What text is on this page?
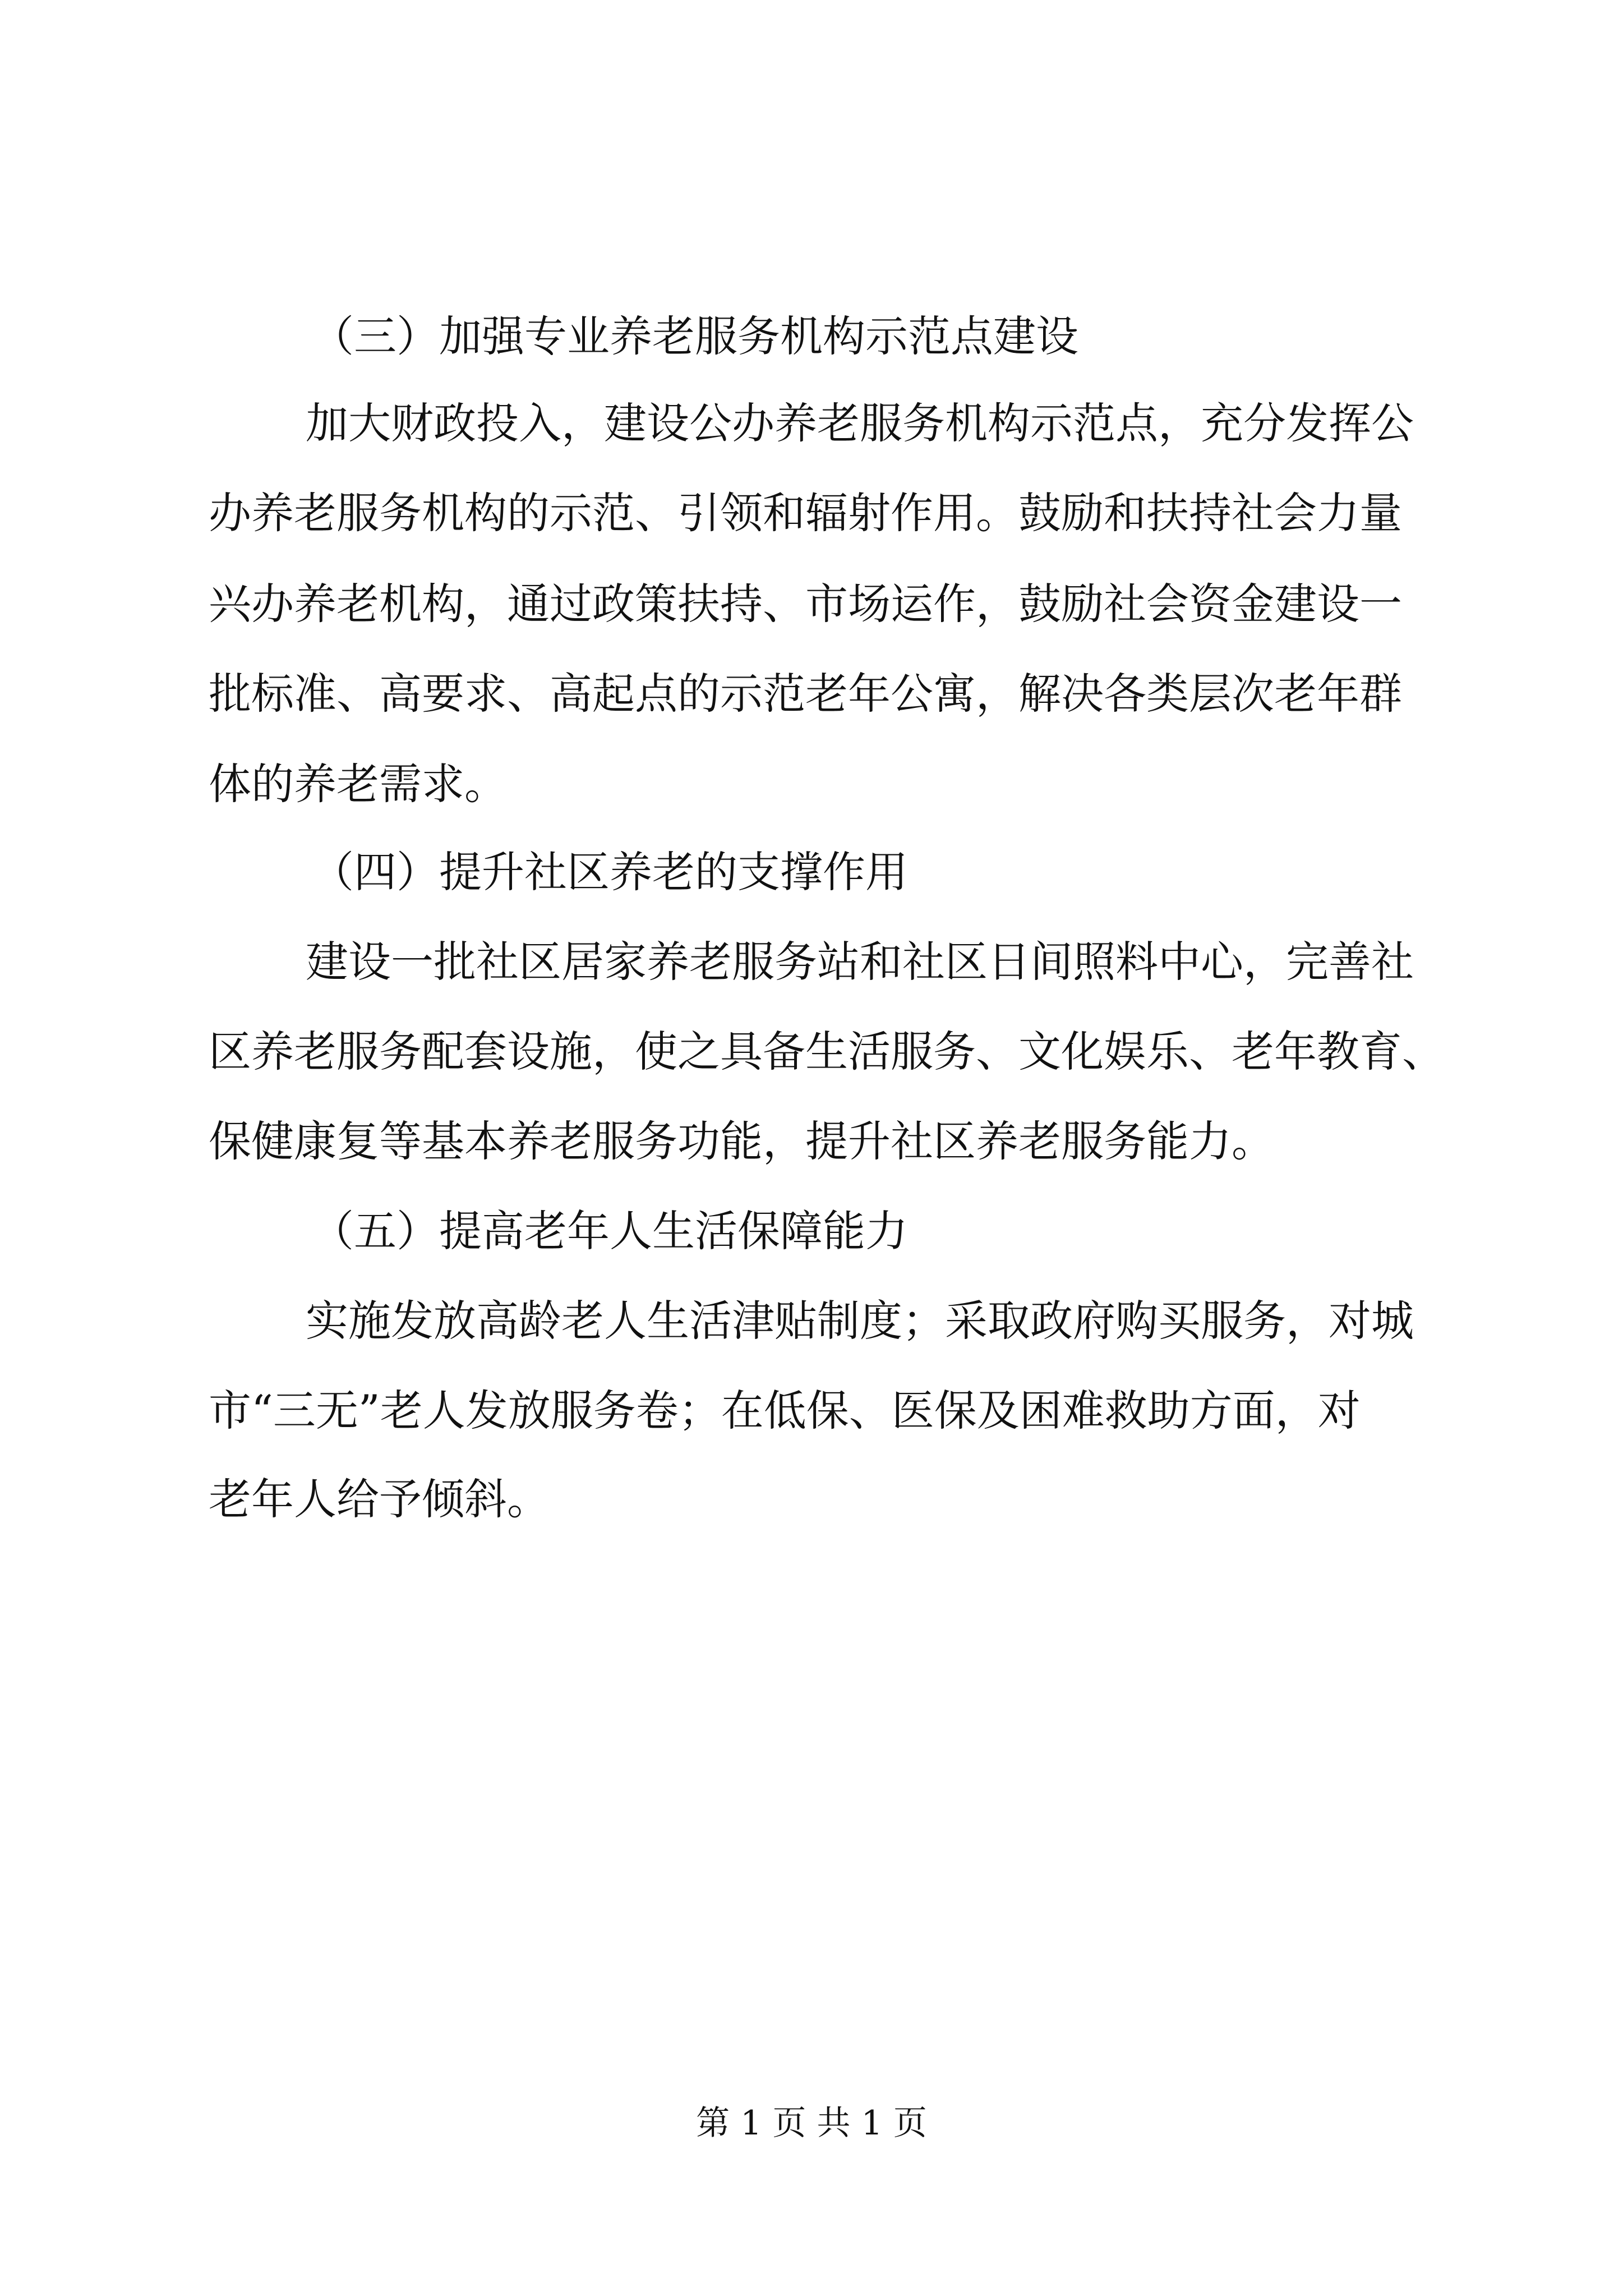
（三）加强专业养老服务机构示范点建设
加大财政投入，建设公办养老服务机构示范点，充分发挥公
办养老服务机构的示范、引领和辐射作用。鼓励和扶持社会力量
兴办养老机构，通过政策扶持、市场运作，鼓励社会资金建设一
批标准、高要求、高起点的示范老年公寓，解决各类层次老年群
体的养老需求。
（四）提升社区养老的支撑作用
建设一批社区居家养老服务站和社区日间照料中心，完善社
区养老服务配套设施，使之具备生活服务、文化娱乐、老年教育、
保健康复等基本养老服务功能，提升社区养老服务能力。
（五）提高老年人生活保障能力
实施发放高龄老人生活津贴制度；采取政府购买服务，对城
市“三无”老人发放服务卷；在低保、医保及困难救助方面，对
老年人给予倾斜。
第 1 页 共 1 页
